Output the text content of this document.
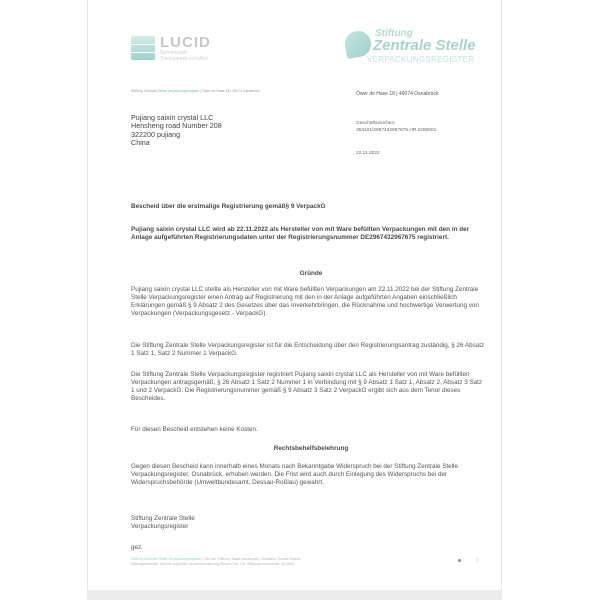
LUCID
Gemeinsam
Transparenz schaffen
Stiftung
Zentrale Stelle
VERPACKUNGSREGISTER
Stiftung Zentrale Stelle Verpackungsregister | Öwer de Hase 18 | 49074 Osnabrück
Pujiang saixin crystal LLC
Hensheng road Number 208
322200 pujiang
China
Öwer de Hase 18 | 49074 Osnabrück
Geschäftszeichen:
353101/2967432967675.HR.2280001
22.11.2022
Bescheid über die erstmalige Registrierung gemäß§ 9 VerpackG
Pujiang saixin crystal LLC wird ab 22.11.2022 als Hersteller von mit Ware befüllten Verpackungen mit den in der Anlage aufgeführten Registrierungsdaten unter der Registrierungsnummer DE2967432967675 registriert.
Gründe
Pujiang saixin crystal LLC stellte als Hersteller von mit Ware befüllten Verpackungen am 22.11.2022 bei der Stiftung Zentrale Stelle Verpackungsregister einen Antrag auf Registrierung mit den in der Anlage aufgeführten Angaben einschließlich Erklärungen gemäß § 9 Absatz 2 des Gesetzes über das Inverkehrbringen, die Rücknahme und hochwertige Verwertung von Verpackungen (Verpackungsgesetz - VerpackG).
Die Stiftung Zentrale Stelle Verpackungsregister ist für die Entscheidung über den Registrierungsantrag zuständig, § 26 Absatz 1 Satz 1, Satz 2 Nummer 1 VerpackG.
Die Stiftung Zentrale Stelle Verpackungsregister registriert Pujiang saixin crystal LLC als Hersteller von mit Ware befüllten Verpackungen antragsgemäß, § 26 Absatz 1 Satz 2 Nummer 1 in Verbindung mit § 9 Absatz 1 Satz 1, Absatz 2, Absatz 3 Satz 1 und 2 VerpackG. Die Registrierungsnummer gemäß § 9 Absatz 3 Satz 2 VerpackG ergibt sich aus dem Tenor dieses Bescheides.
Für diesen Bescheid entstehen keine Kosten.
Rechtsbehelfsbelehrung
Gegen diesen Bescheid kann innerhalb eines Monats nach Bekanntgabe Widerspruch bei der Stiftung Zentrale Stelle Verpackungsregister, Osnabrück, erhoben werden. Die Frist wird auch durch Einlegung des Widerspruchs bei der Widerspruchsbehörde (Umweltbundesamt, Dessau-Roßlau) gewahrt.
Stiftung Zentrale Stelle
Verpackungsregister
gez.
Stiftung Zentrale Stelle Verpackungsregister | Sitz der Stiftung: Stadt Osnabrück | Vorstand: Gunda Rachut
Stiftungsbehörde: Amt für regionale Landesentwicklung Weser-Ems | Nr. Stiftungsverzeichnis: 16 (085)
1
